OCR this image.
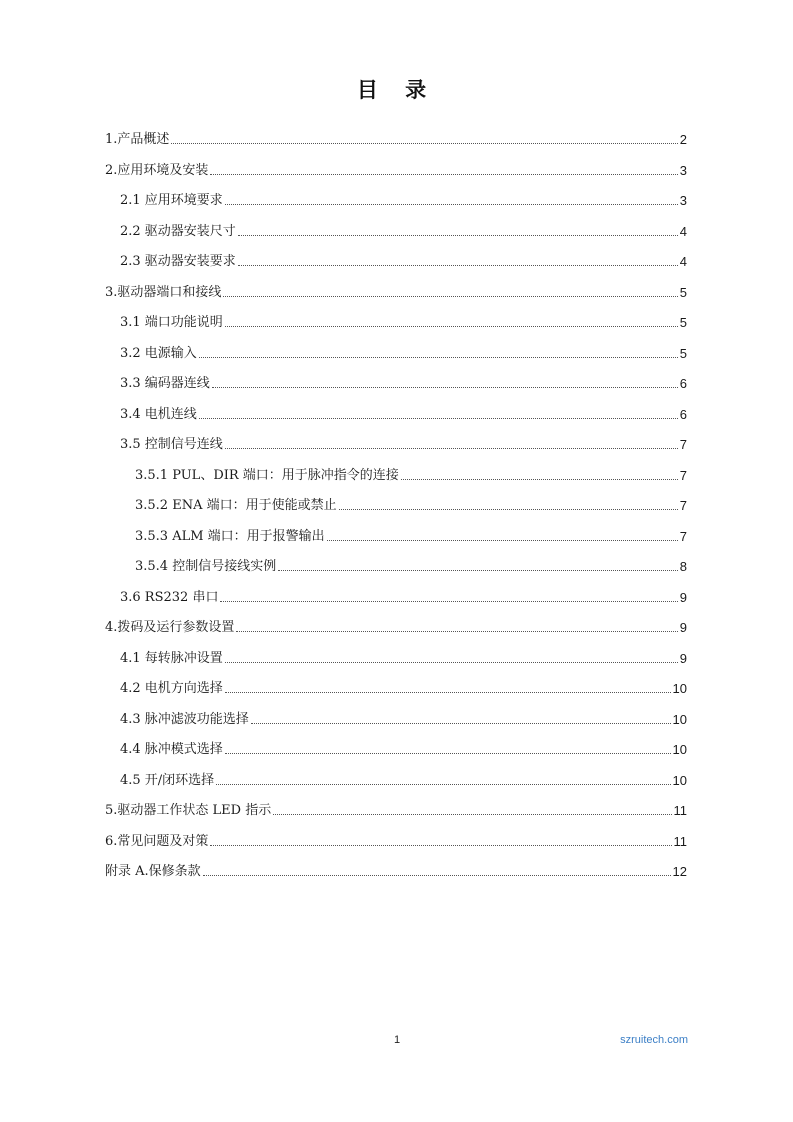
目 录
1.产品概述	2
2.应用环境及安装	3
2.1 应用环境要求	3
2.2 驱动器安装尺寸	4
2.3 驱动器安装要求	4
3.驱动器端口和接线	5
3.1 端口功能说明	5
3.2 电源输入	5
3.3 编码器连线	6
3.4 电机连线	6
3.5 控制信号连线	7
3.5.1 PUL、DIR 端口：用于脉冲指令的连接	7
3.5.2 ENA 端口：用于使能或禁止	7
3.5.3 ALM 端口：用于报警输出	7
3.5.4 控制信号接线实例	8
3.6 RS232 串口	9
4.拨码及运行参数设置	9
4.1 每转脉冲设置	9
4.2 电机方向选择	10
4.3 脉冲滤波功能选择	10
4.4 脉冲模式选择	10
4.5 开/闭环选择	10
5.驱动器工作状态 LED 指示	11
6.常见问题及对策	11
附录 A.保修条款	12
1	szruitech.com
